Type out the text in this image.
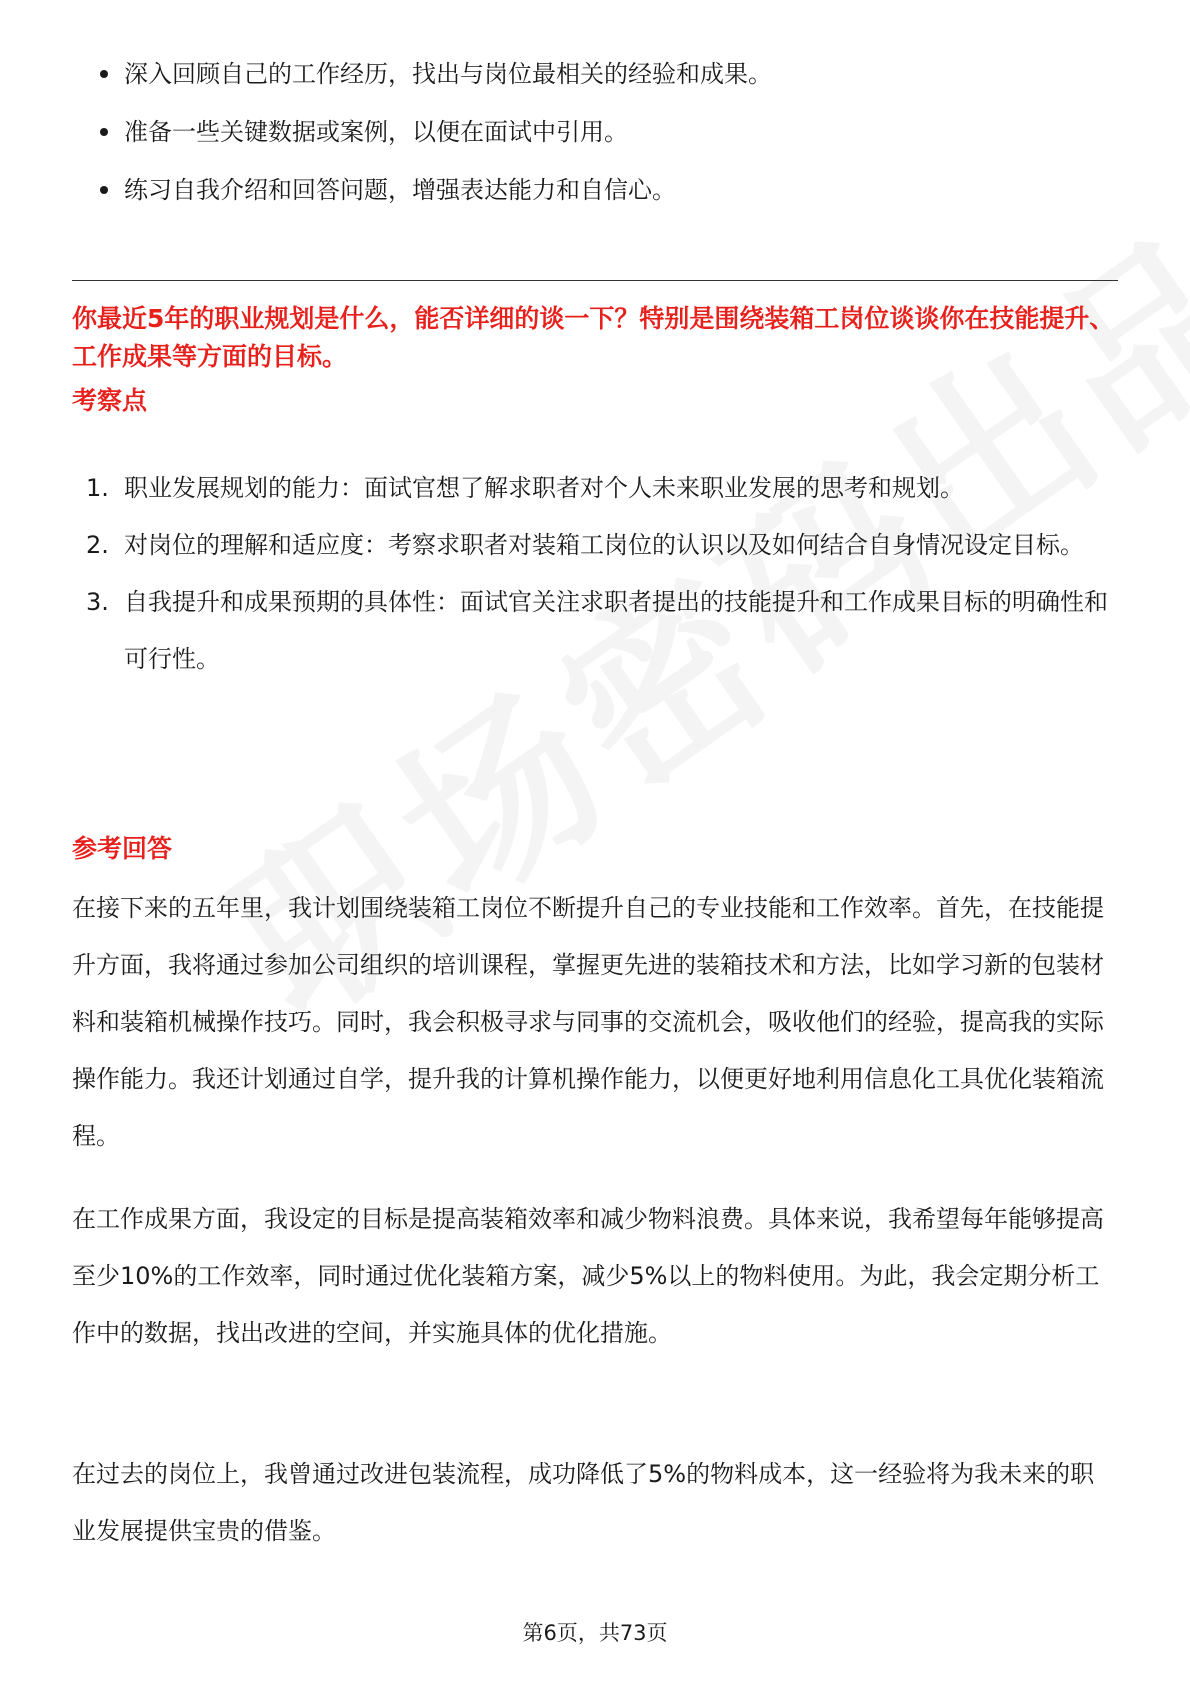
深入回顾自己的工作经历，找出与岗位最相关的经验和成果。
准备一些关键数据或案例，以便在面试中引用。
练习自我介绍和回答问题，增强表达能力和自信心。
你最近5年的职业规划是什么，能否详细的谈一下？特别是围绕装箱工岗位谈谈你在技能提升、工作成果等方面的目标。
考察点
1. 职业发展规划的能力：面试官想了解求职者对个人未来职业发展的思考和规划。
2. 对岗位的理解和适应度：考察求职者对装箱工岗位的认识以及如何结合自身情况设定目标。
3. 自我提升和成果预期的具体性：面试官关注求职者提出的技能提升和工作成果目标的明确性和可行性。
参考回答

在接下来的五年里，我计划围绕装箱工岗位不断提升自己的专业技能和工作效率。首先，在技能提升方面，我将通过参加公司组织的培训课程，掌握更先进的装箱技术和方法，比如学习新的包装材料和装箱机械操作技巧。同时，我会积极寻求与同事的交流机会，吸收他们的经验，提高我的实际操作能力。我还计划通过自学，提升我的计算机操作能力，以便更好地利用信息化工具优化装箱流程。

在工作成果方面，我设定的目标是提高装箱效率和减少物料浪费。具体来说，我希望每年能够提高至少10%的工作效率，同时通过优化装箱方案，减少5%以上的物料使用。为此，我会定期分析工作中的数据，找出改进的空间，并实施具体的优化措施。

在过去的岗位上，我曾通过改进包装流程，成功降低了5%的物料成本，这一经验将为我未来的职业发展提供宝贵的借鉴。

第6页，共73页
